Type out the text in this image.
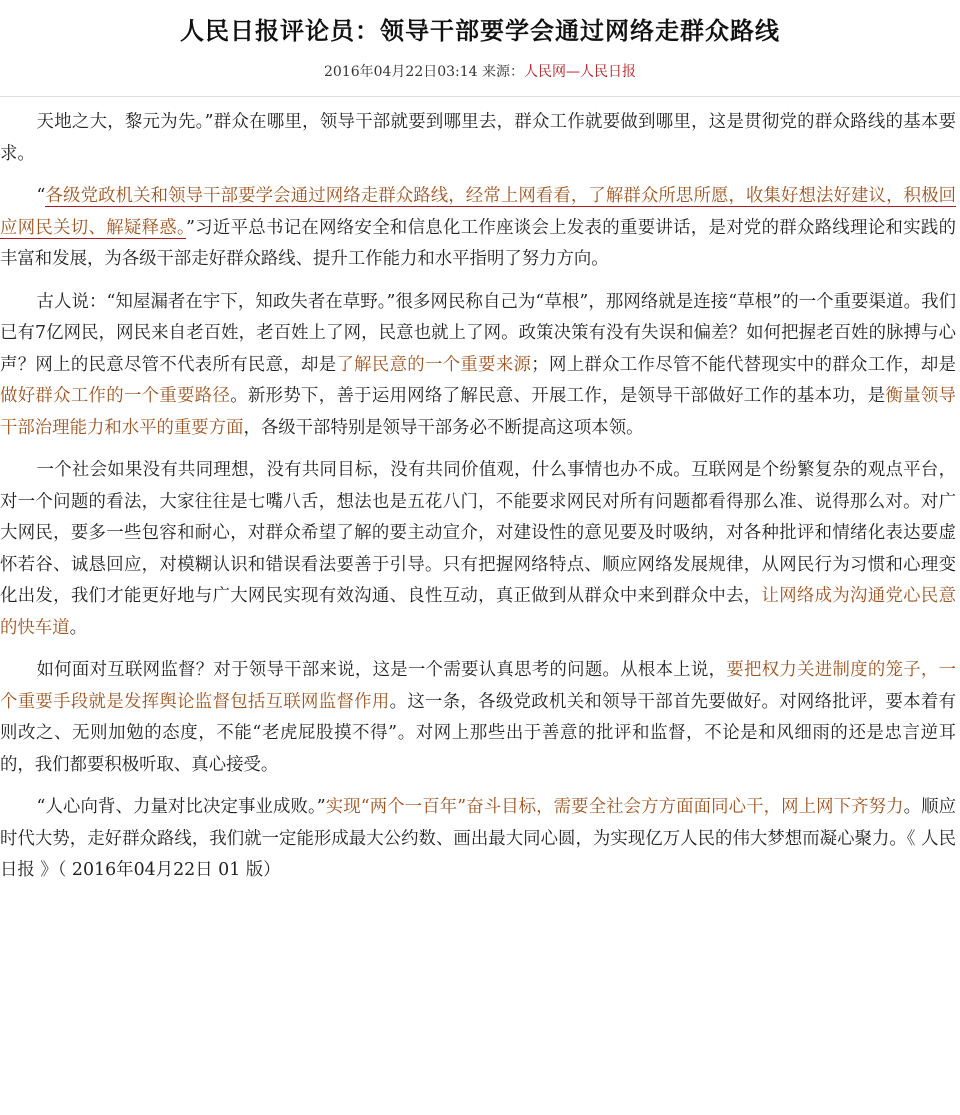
人民日报评论员：领导干部要学会通过网络走群众路线
2016年04月22日03:14 来源：人民网—人民日报

天地之大，黎元为先。”群众在哪里，领导干部就要到哪里去，群众工作就要做到哪里，这是贯彻党的群众路线的基本要求。

“各级党政机关和领导干部要学会通过网络走群众路线，经常上网看看，了解群众所思所愿，收集好想法好建议，积极回应网民关切、解疑释惑。”习近平总书记在网络安全和信息化工作座谈会上发表的重要讲话，是对党的群众路线理论和实践的丰富和发展，为各级干部走好群众路线、提升工作能力和水平指明了努力方向。

古人说：“知屋漏者在宇下，知政失者在草野。”很多网民称自己为“草根”，那网络就是连接“草根”的一个重要渠道。我们已有7亿网民，网民来自老百姓，老百姓上了网，民意也就上了网。政策决策有没有失误和偏差？如何把握老百姓的脉搏与心声？网上的民意尽管不代表所有民意，却是了解民意的一个重要来源；网上群众工作尽管不能代替现实中的群众工作，却是做好群众工作的一个重要路径。新形势下，善于运用网络了解民意、开展工作，是领导干部做好工作的基本功，是衡量领导干部治理能力和水平的重要方面，各级干部特别是领导干部务必不断提高这项本领。

一个社会如果没有共同理想，没有共同目标，没有共同价值观，什么事情也办不成。互联网是个纷繁复杂的观点平台，对一个问题的看法，大家往往是七嘴八舌，想法也是五花八门，不能要求网民对所有问题都看得那么准、说得那么对。对广大网民，要多一些包容和耐心，对群众希望了解的要主动宣介，对建设性的意见要及时吸纳，对各种批评和情绪化表达要虚怀若谷、诚恳回应，对模糊认识和错误看法要善于引导。只有把握网络特点、顺应网络发展规律，从网民行为习惯和心理变化出发，我们才能更好地与广大网民实现有效沟通、良性互动，真正做到从群众中来到群众中去，让网络成为沟通党心民意的快车道。

如何面对互联网监督？对于领导干部来说，这是一个需要认真思考的问题。从根本上说，要把权力关进制度的笼子，一个重要手段就是发挥舆论监督包括互联网监督作用。这一条，各级党政机关和领导干部首先要做好。对网络批评，要本着有则改之、无则加勉的态度，不能“老虎屁股摸不得”。对网上那些出于善意的批评和监督，不论是和风细雨的还是忠言逆耳的，我们都要积极听取、真心接受。

“人心向背、力量对比决定事业成败。”实现“两个一百年”奋斗目标，需要全社会方方面面同心干，网上网下齐努力。顺应时代大势，走好群众路线，我们就一定能形成最大公约数、画出最大同心圆，为实现亿万人民的伟大梦想而凝心聚力。《 人民日报 》（ 2016年04月22日 01 版）
